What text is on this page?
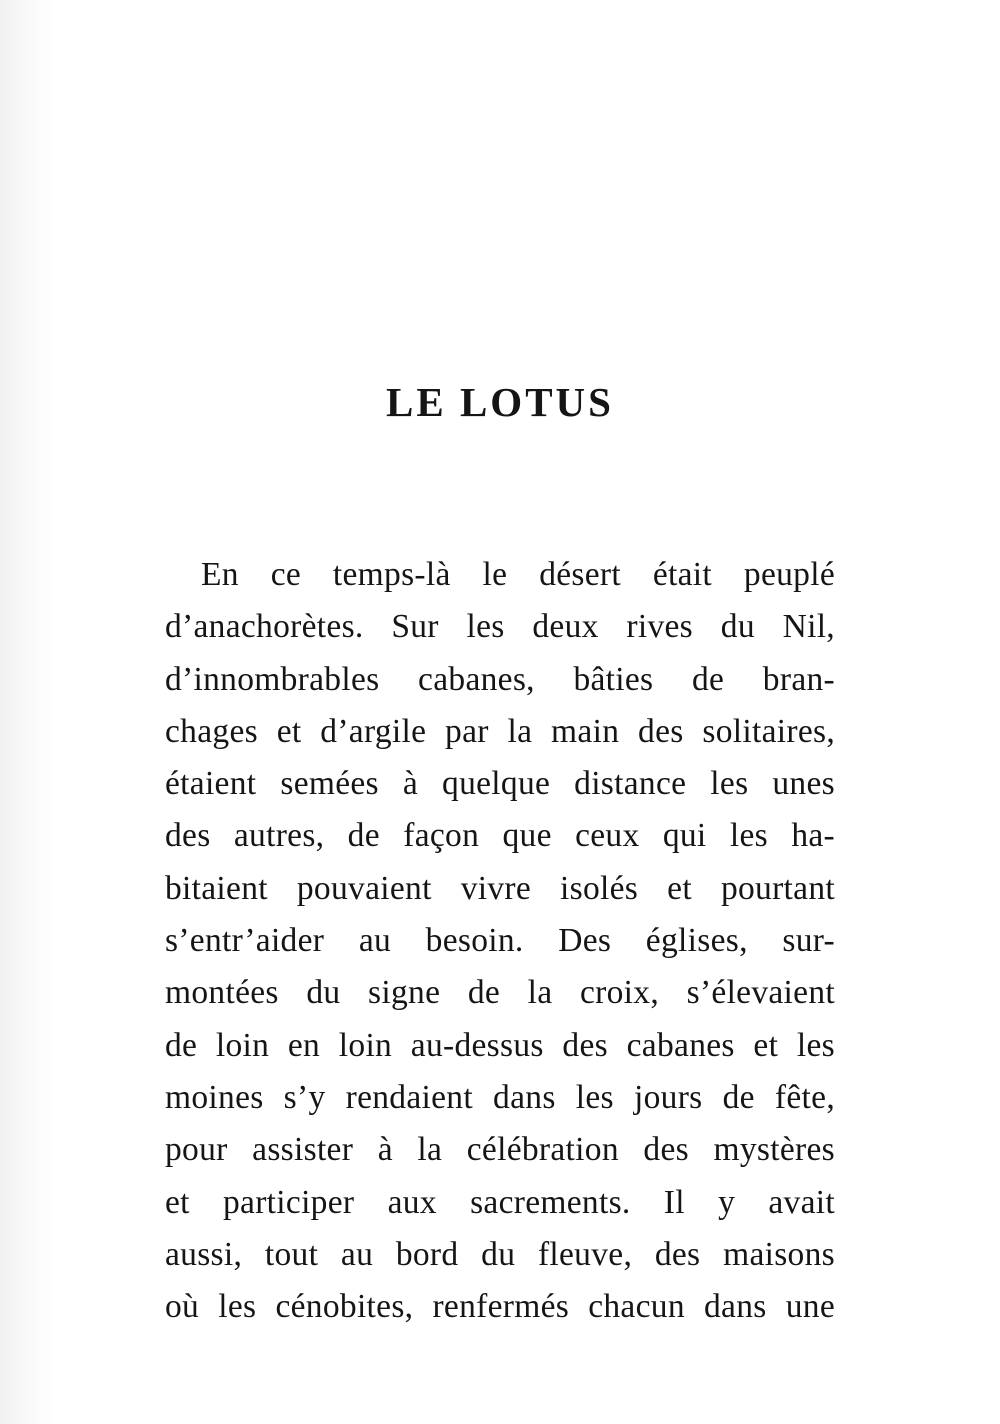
LE LOTUS
En ce temps-là le désert était peuplé
d’anachorètes. Sur les deux rives du Nil,
d’innombrables cabanes, bâties de bran-
chages et d’argile par la main des solitaires,
étaient semées à quelque distance les unes
des autres, de façon que ceux qui les ha-
bitaient pouvaient vivre isolés et pourtant
s’entr’aider au besoin. Des églises, sur-
montées du signe de la croix, s’élevaient
de loin en loin au-dessus des cabanes et les
moines s’y rendaient dans les jours de fête,
pour assister à la célébration des mystères
et participer aux sacrements. Il y avait
aussi, tout au bord du fleuve, des maisons
où les cénobites, renfermés chacun dans une
